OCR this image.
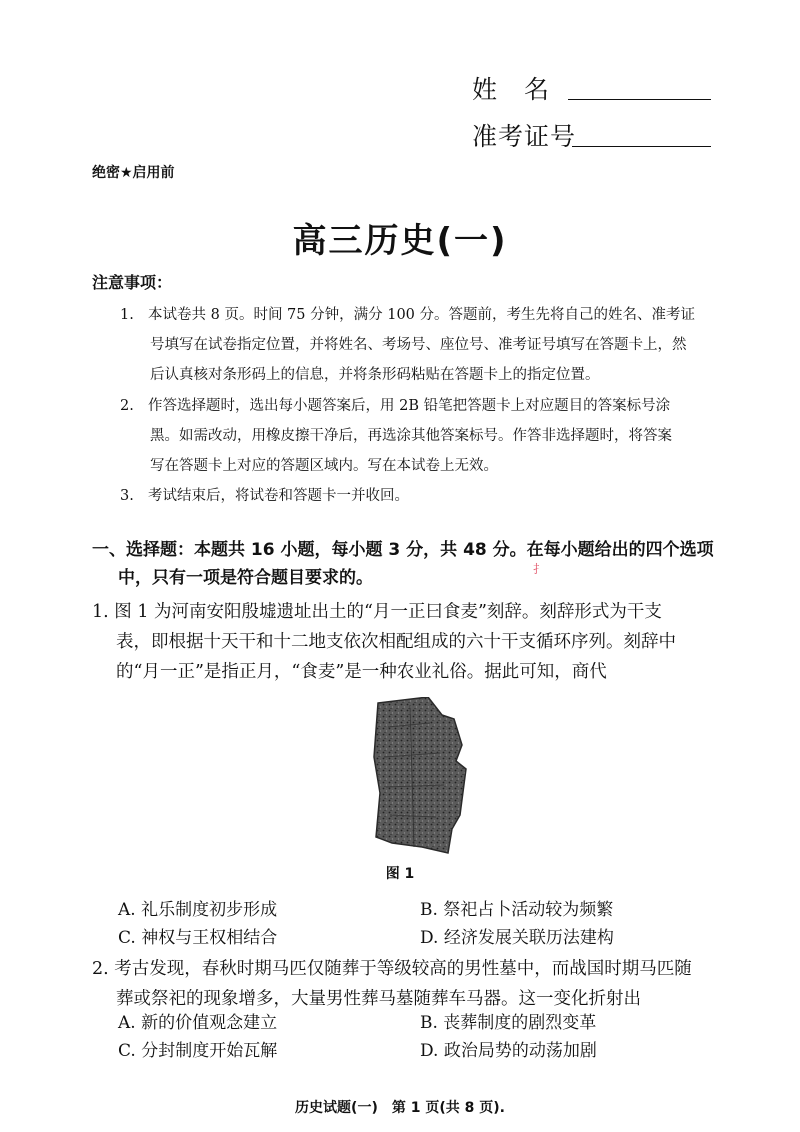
姓　名
准考证号
绝密★启用前
高三历史(一)
注意事项：
1. 本试卷共 8 页。时间 75 分钟，满分 100 分。答题前，考生先将自己的姓名、准考证
号填写在试卷指定位置，并将姓名、考场号、座位号、准考证号填写在答题卡上，然
后认真核对条形码上的信息，并将条形码粘贴在答题卡上的指定位置。
2. 作答选择题时，选出每小题答案后，用 2B 铅笔把答题卡上对应题目的答案标号涂
黑。如需改动，用橡皮擦干净后，再选涂其他答案标号。作答非选择题时，将答案
写在答题卡上对应的答题区域内。写在本试卷上无效。
3. 考试结束后，将试卷和答题卡一并收回。
一、选择题：本题共 16 小题，每小题 3 分，共 48 分。在每小题给出的四个选项
中，只有一项是符合题目要求的。	扌
1. 图 1 为河南安阳殷墟遗址出土的“月一正曰食麦”刻辞。刻辞形式为干支
表，即根据十天干和十二地支依次相配组成的六十干支循环序列。刻辞中
的“月一正”是指正月，“食麦”是一种农业礼俗。据此可知，商代
图 1
A. 礼乐制度初步形成	B. 祭祀占卜活动较为频繁
C. 神权与王权相结合	D. 经济发展关联历法建构
2. 考古发现，春秋时期马匹仅随葬于等级较高的男性墓中，而战国时期马匹随
葬或祭祀的现象增多，大量男性葬马墓随葬车马器。这一变化折射出
A. 新的价值观念建立	B. 丧葬制度的剧烈变革
C. 分封制度开始瓦解	D. 政治局势的动荡加剧
历史试题(一)　第 1 页(共 8 页).
